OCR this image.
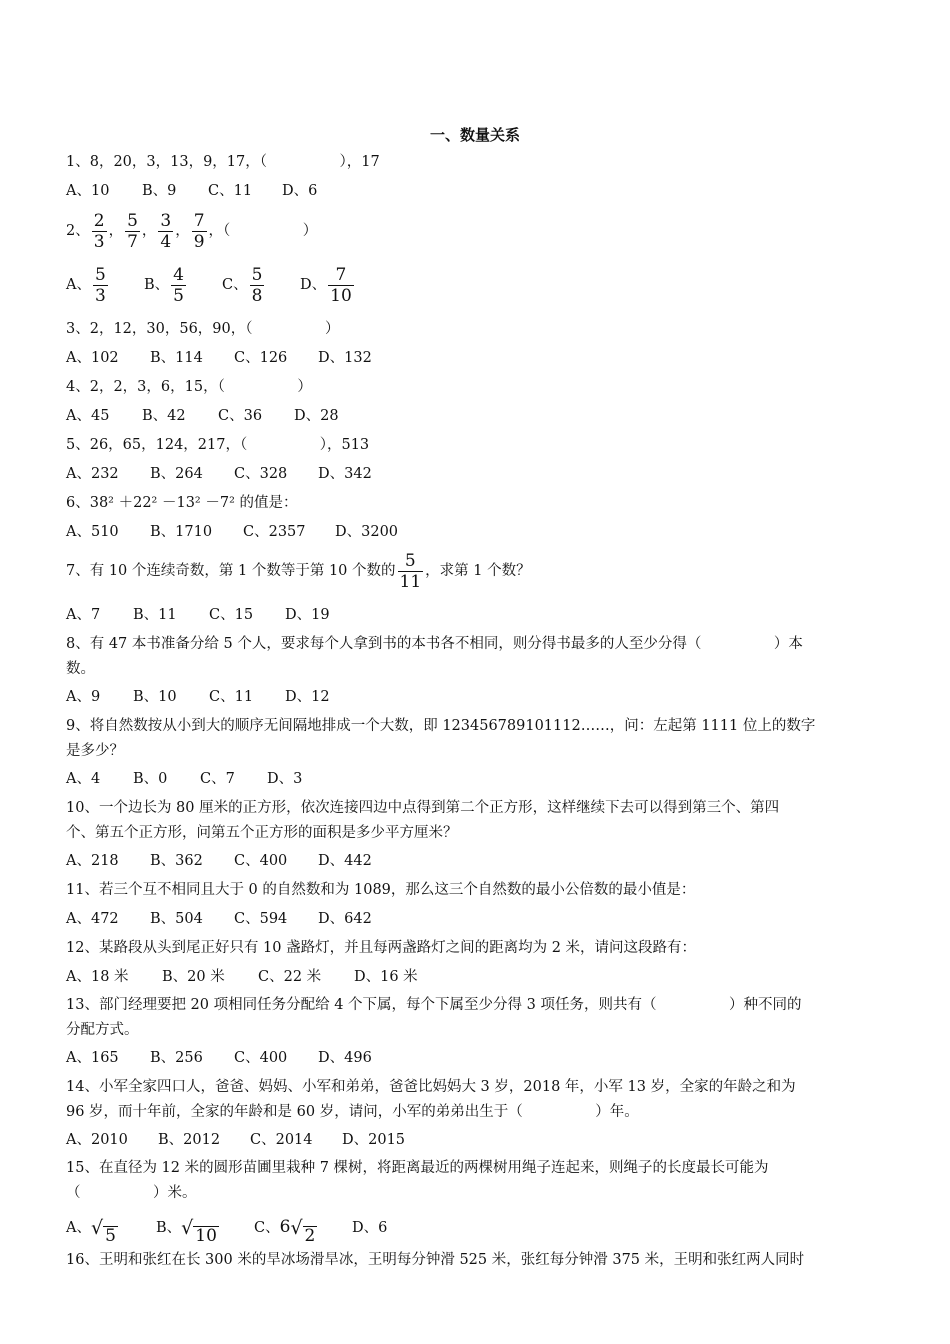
一、数量关系
1、8，20，3，13，9，17，（　　　　　），17
A、10 B、9 C、11 D、6
2、 $\frac{2}{3}$ ， $\frac{5}{7}$ ， $\frac{3}{4}$ ， $\frac{7}{9}$ ，（　　　　　）
A、 $\frac{5}{3}$ B、 $\frac{4}{5}$ C、 $\frac{5}{8}$ D、 $\frac{7}{10}$
3、2，12，30，56，90，（　　　　　）
A、102 B、114 C、126 D、132
4、2，2，3，6，15，（　　　　　）
A、45 B、42 C、36 D、28
5、26，65，124，217，（　　　　　），513
A、232 B、264 C、328 D、342
6、38² ＋22² －13² －7² 的值是：
A、510 B、1710 C、2357 D、3200
7、有 10 个连续奇数，第 1 个数等于第 10 个数的 $\frac{5}{11}$ ，求第 1 个数？
A、7 B、11 C、15 D、19
8、有 47 本书准备分给 5 个人，要求每个人拿到书的本书各不相同，则分得书最多的人至少分得（　　　　　）本
数。
A、9 B、10 C、11 D、12
9、将自然数按从小到大的顺序无间隔地排成一个大数，即 123456789101112……，问：左起第 1111 位上的数字
是多少？
A、4 B、0 C、7 D、3
10、一个边长为 80 厘米的正方形，依次连接四边中点得到第二个正方形，这样继续下去可以得到第三个、第四
个、第五个正方形，问第五个正方形的面积是多少平方厘米？
A、218 B、362 C、400 D、442
11、若三个互不相同且大于 0 的自然数和为 1089，那么这三个自然数的最小公倍数的最小值是：
A、472 B、504 C、594 D、642
12、某路段从头到尾正好只有 10 盏路灯，并且每两盏路灯之间的距离均为 2 米，请问这段路有：
A、18 米 B、20 米 C、22 米 D、16 米
13、部门经理要把 20 项相同任务分配给 4 个下属，每个下属至少分得 3 项任务，则共有（　　　　　）种不同的
分配方式。
A、165 B、256 C、400 D、496
14、小军全家四口人，爸爸、妈妈、小军和弟弟，爸爸比妈妈大 3 岁，2018 年，小军 13 岁，全家的年龄之和为
96 岁，而十年前，全家的年龄和是 60 岁，请问，小军的弟弟出生于（　　　　　）年。
A、2010 B、2012 C、2014 D、2015
15、在直径为 12 米的圆形苗圃里栽种 7 棵树，将距离最近的两棵树用绳子连起来，则绳子的长度最长可能为
（　　　　　）米。
A、 √ 5	B、 √ 10	C、6 √ 2	D、6
16、王明和张红在长 300 米的旱冰场滑旱冰，王明每分钟滑 525 米，张红每分钟滑 375 米，王明和张红两人同时
